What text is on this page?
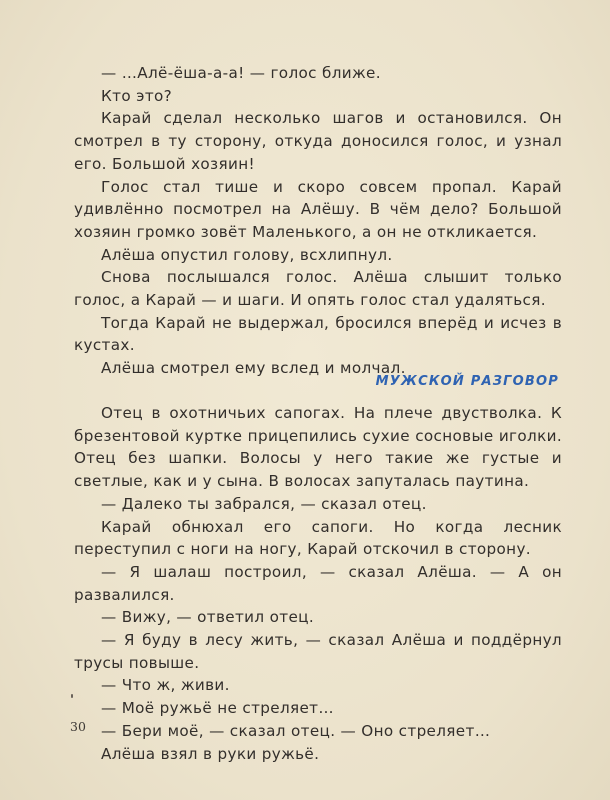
— …Алё-ёша-а-а! — голос ближе.

Кто это?

Карай сделал несколько шагов и остановился. Он смотрел в ту сторону, откуда доносился голос, и узнал его. Большой хозяин!

Голос стал тише и скоро совсем пропал. Карай удивлённо посмотрел на Алёшу. В чём дело? Большой хозяин громко зовёт Маленького, а он не откликается.

Алёша опустил голову, всхлипнул.

Снова послышался голос. Алёша слышит только голос, а Карай — и шаги. И опять голос стал удаляться.

Тогда Карай не выдержал, бросился вперёд и исчез в кустах.

Алёша смотрел ему вслед и молчал.

МУЖСКОЙ РАЗГОВОР

Отец в охотничьих сапогах. На плече двустволка. К брезентовой куртке прицепились сухие сосновые иголки. Отец без шапки. Волосы у него такие же густые и светлые, как и у сына. В волосах запуталась паутина.

— Далеко ты забрался, — сказал отец.

Карай обнюхал его сапоги. Но когда лесник переступил с ноги на ногу, Карай отскочил в сторону.

— Я шалаш построил, — сказал Алёша. — А он развалился.

— Вижу, — ответил отец.

— Я буду в лесу жить, — сказал Алёша и поддёрнул трусы повыше.

— Что ж, живи.

— Моё ружьё не стреляет…

— Бери моё, — сказал отец. — Оно стреляет…

Алёша взял в руки ружьё.

30
